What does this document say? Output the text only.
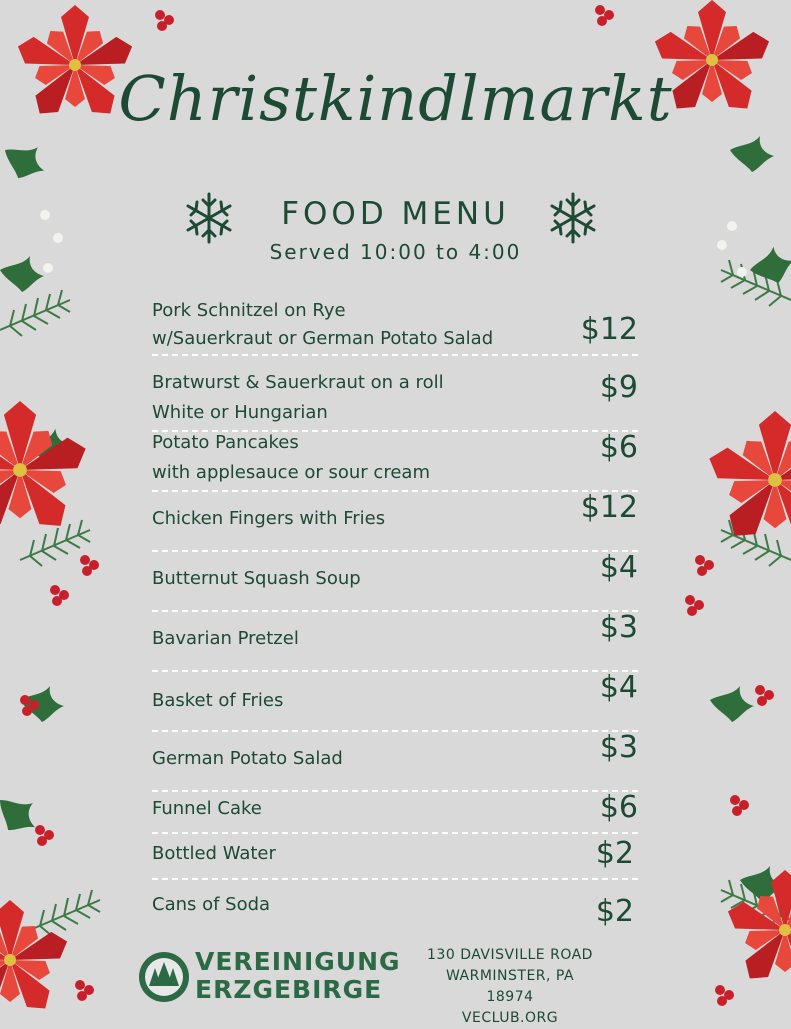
Christkindlmarkt
FOOD MENU
Served 10:00 to 4:00
Pork Schnitzel on Rye
w/Sauerkraut or German Potato Salad	$12
Bratwurst & Sauerkraut on a roll
White or Hungarian
$9
Potato Pancakes
with applesauce or sour cream
$6
Chicken Fingers with Fries	$12
Butternut Squash Soup	$4
Bavarian Pretzel	$3
Basket of Fries	$4
German Potato Salad	$3
Funnel Cake	$6
Bottled Water	$2
Cans of Soda	$2
VEREINIGUNG
ERZGEBIRGE
130 DAVISVILLE ROAD
WARMINSTER, PA 18974
VECLUB.ORG
